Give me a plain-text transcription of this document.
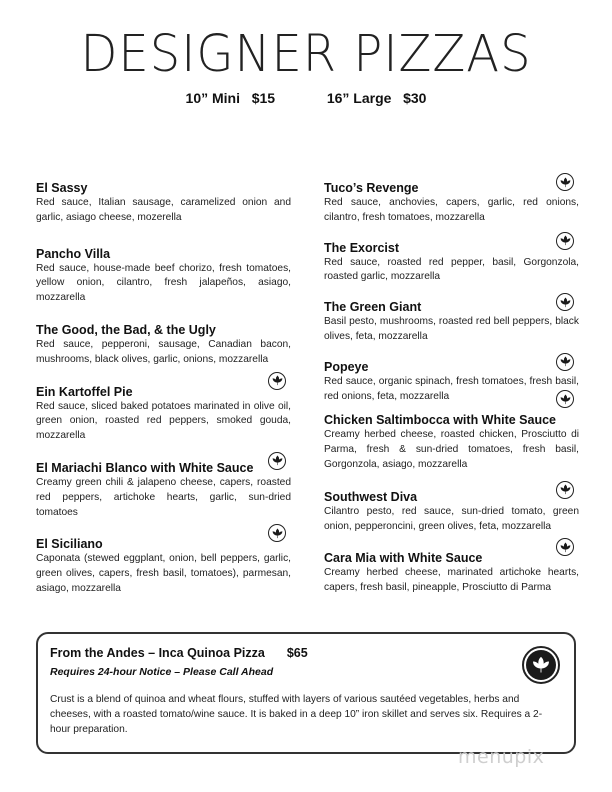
DESIGNER PIZZAS
10” Mini $15	16” Large $30
El Sassy
Red sauce, Italian sausage, caramelized onion and garlic, asiago cheese, mozerella
Pancho Villa
Red sauce, house-made beef chorizo, fresh tomatoes, yellow onion, cilantro, fresh jalapeños, asiago, mozzarella
The Good, the Bad, & the Ugly
Red sauce, pepperoni, sausage, Canadian bacon, mushrooms, black olives, garlic, onions, mozzarella
Ein Kartoffel Pie
Red sauce, sliced baked potatoes marinated in olive oil, green onion, roasted red peppers, smoked gouda, mozzarella
El Mariachi Blanco with White Sauce
Creamy green chili & jalapeno cheese, capers, roasted red peppers, artichoke hearts, garlic, sun-dried tomatoes
El Siciliano
Caponata (stewed eggplant, onion, bell peppers, garlic, green olives, capers, fresh basil, tomatoes), parmesan, asiago, mozzarella
Tuco’s Revenge
Red sauce, anchovies, capers, garlic, red onions, cilantro, fresh tomatoes, mozzarella
The Exorcist
Red sauce, roasted red pepper, basil, Gorgonzola, roasted garlic, mozzarella
The Green Giant
Basil pesto, mushrooms, roasted red bell peppers, black olives, feta, mozzarella
Popeye
Red sauce, organic spinach, fresh tomatoes, fresh basil, red onions, feta, mozzarella
Chicken Saltimbocca with White Sauce
Creamy herbed cheese, roasted chicken, Prosciutto di Parma, fresh & sun-dried tomatoes, fresh basil, Gorgonzola, asiago, mozzarella
Southwest Diva
Cilantro pesto, red sauce, sun-dried tomato, green onion, pepperoncini, green olives, feta, mozzarella
Cara Mia with White Sauce
Creamy herbed cheese, marinated artichoke hearts, capers, fresh basil, pineapple, Prosciutto di Parma
From the Andes – Inca Quinoa Pizza $65
Requires 24-hour Notice – Please Call Ahead
Crust is a blend of quinoa and wheat flours, stuffed with layers of various sautéed vegetables, herbs and cheeses, with a roasted tomato/wine sauce. It is baked in a deep 10” iron skillet and serves six. Requires a 2-hour preparation.
menupix
